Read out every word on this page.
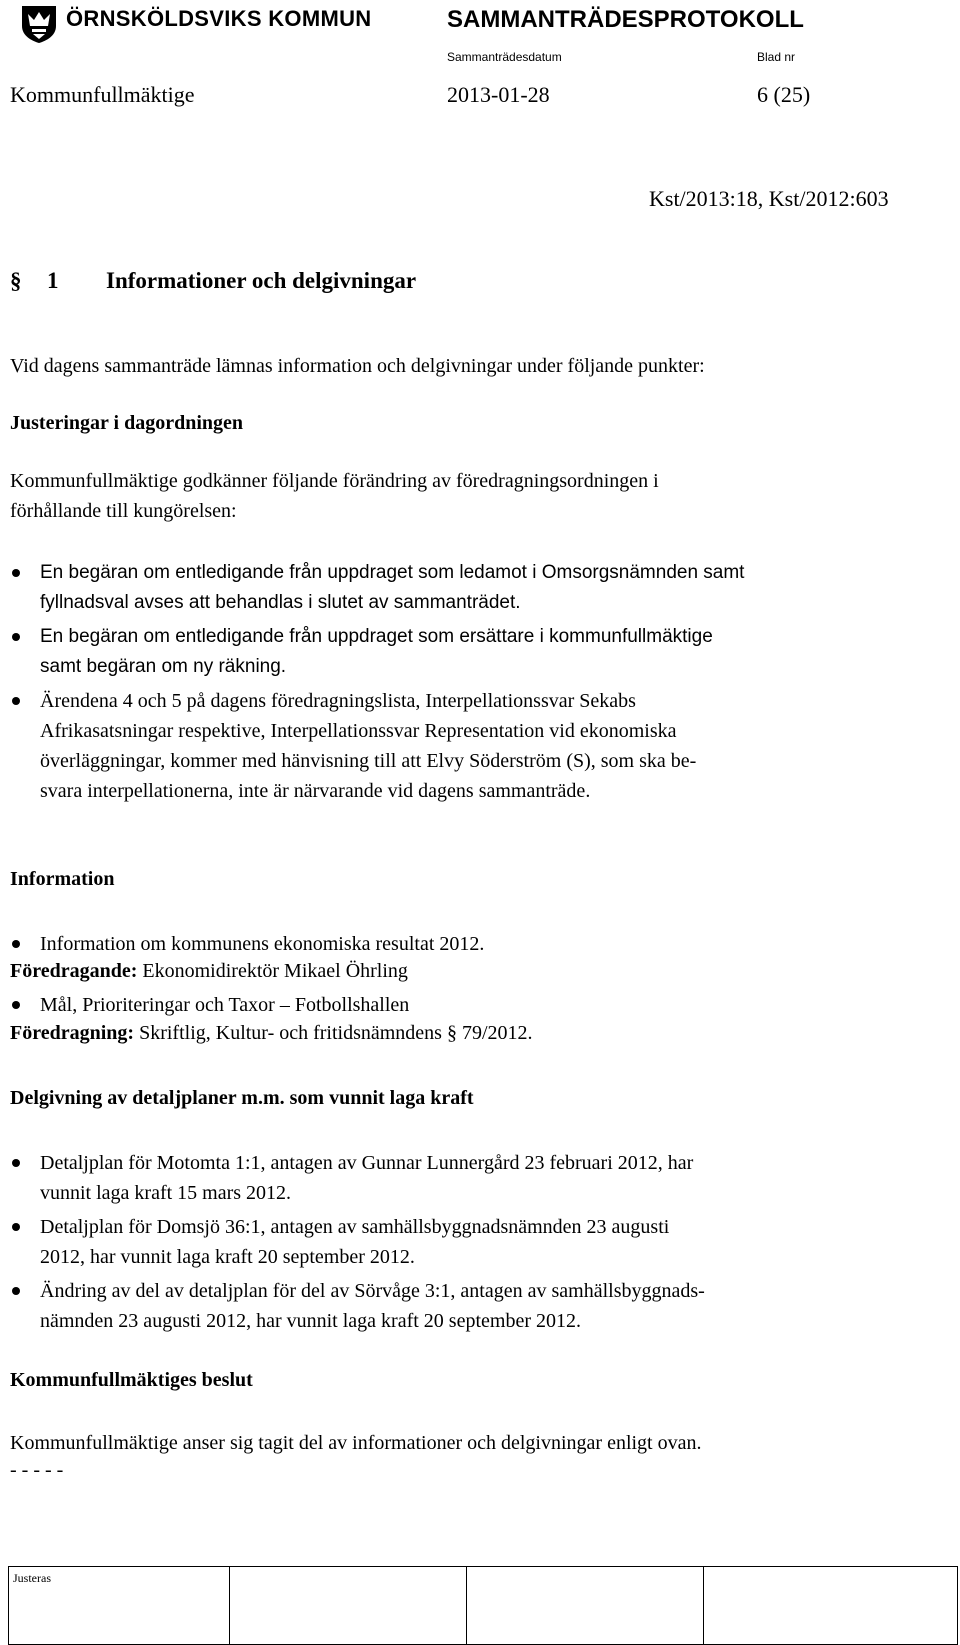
ÖRNSKÖLDSVIKS KOMMUN	SAMMANTRÄDESPROTOKOLL
Sammanträdesdatum	Blad nr
Kommunfullmäktige	2013-01-28	6 (25)
Kst/2013:18, Kst/2012:603
§ 1 Informationer och delgivningar
Vid dagens sammanträde lämnas information och delgivningar under följande punkter:
Justeringar i dagordningen
Kommunfullmäktige godkänner följande förändring av föredragningsordningen i
förhållande till kungörelsen:
En begäran om entledigande från uppdraget som ledamot i Omsorgsnämnden samt
fyllnadsval avses att behandlas i slutet av sammanträdet.
En begäran om entledigande från uppdraget som ersättare i kommunfullmäktige
samt begäran om ny räkning.
Ärendena 4 och 5 på dagens föredragningslista, Interpellationssvar Sekabs
Afrikasatsningar respektive, Interpellationssvar Representation vid ekonomiska
överläggningar, kommer med hänvisning till att Elvy Söderström (S), som ska be-
svara interpellationerna, inte är närvarande vid dagens sammanträde.
Information
Information om kommunens ekonomiska resultat 2012.
Föredragande: Ekonomidirektör Mikael Öhrling
Mål, Prioriteringar och Taxor – Fotbollshallen
Föredragning: Skriftlig, Kultur- och fritidsnämndens § 79/2012.
Delgivning av detaljplaner m.m. som vunnit laga kraft
Detaljplan för Motomta 1:1, antagen av Gunnar Lunnergård 23 februari 2012, har
vunnit laga kraft 15 mars 2012.
Detaljplan för Domsjö 36:1, antagen av samhällsbyggnadsnämnden 23 augusti
2012, har vunnit laga kraft 20 september 2012.
Ändring av del av detaljplan för del av Sörvåge 3:1, antagen av samhällsbyggnads-
nämnden 23 augusti 2012, har vunnit laga kraft 20 september 2012.
Kommunfullmäktiges beslut
Kommunfullmäktige anser sig tagit del av informationer och delgivningar enligt ovan.
- - - - -
Justeras			
